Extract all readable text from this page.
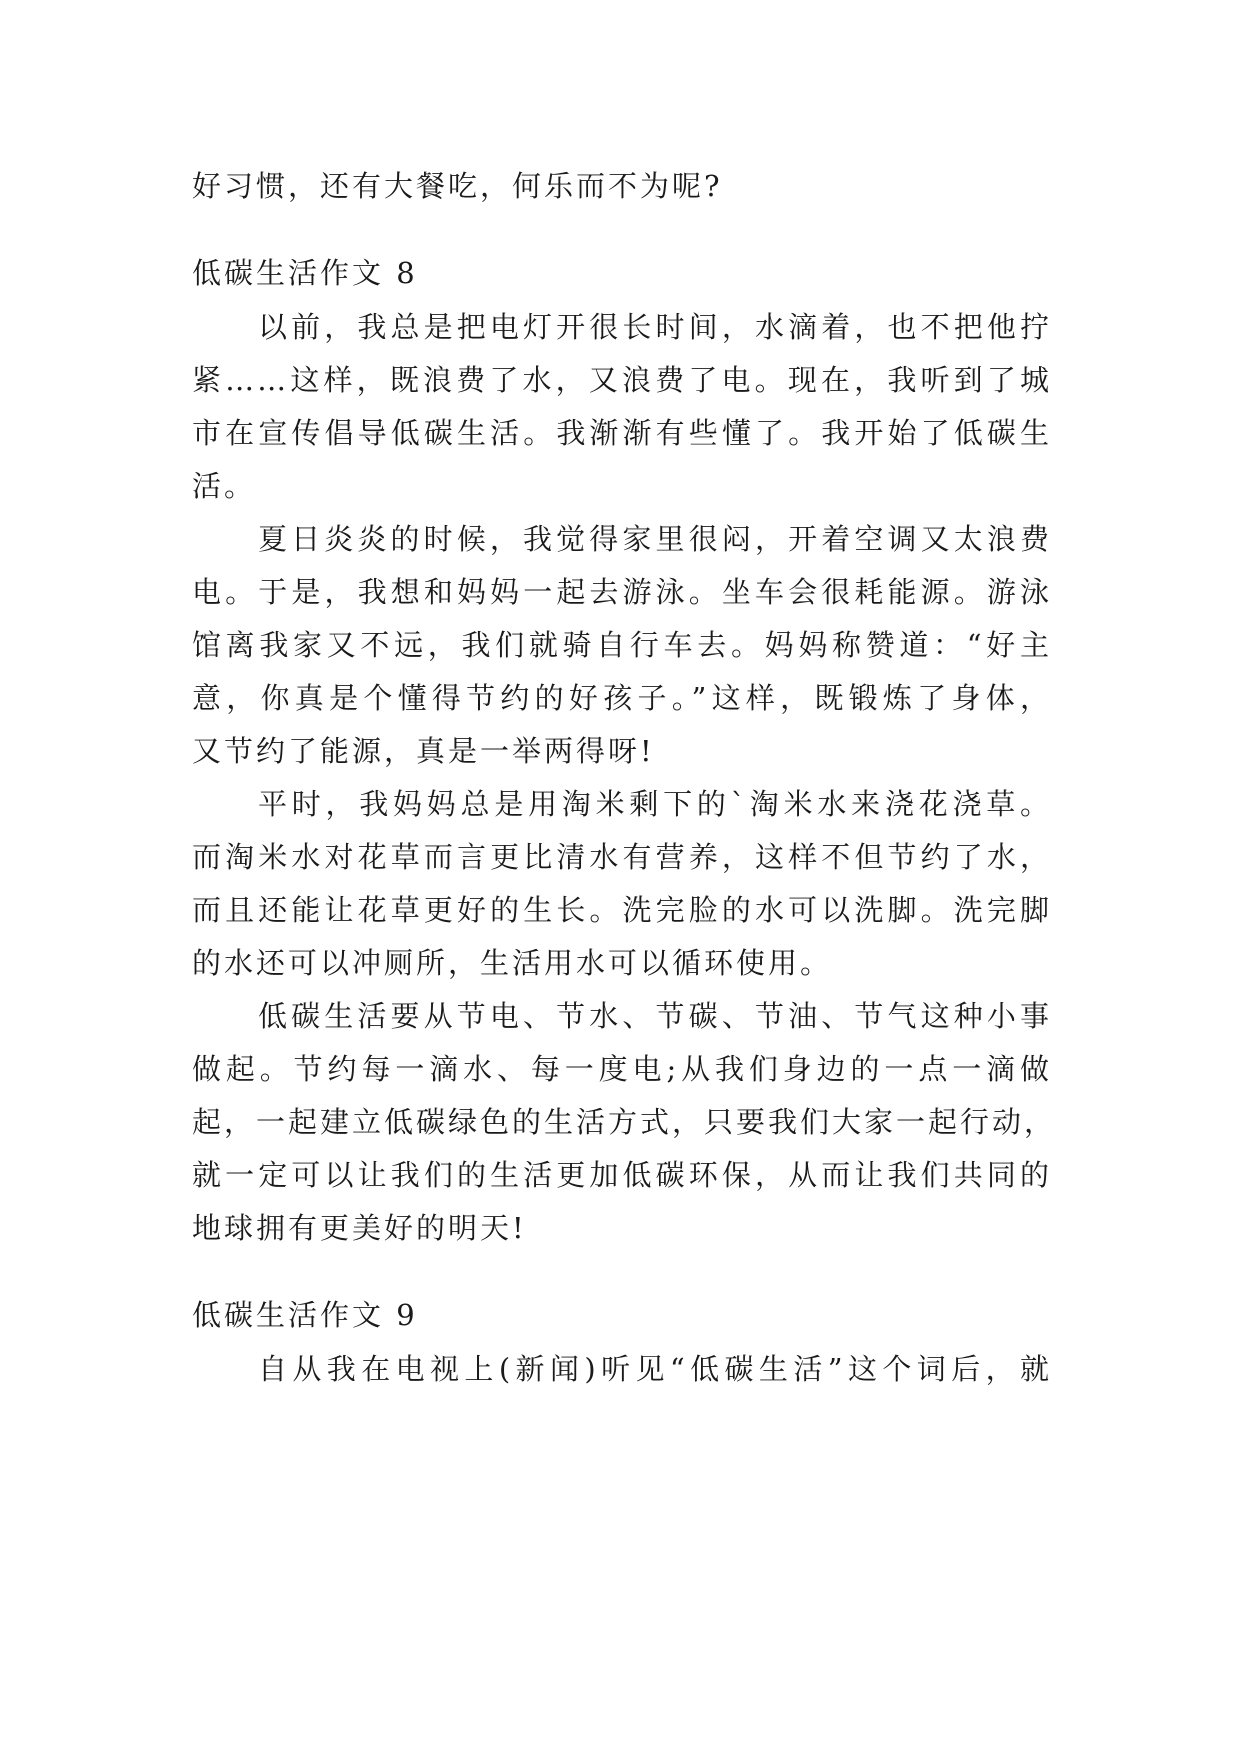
好习惯，还有大餐吃，何乐而不为呢?
低碳生活作文 8
以前，我总是把电灯开很长时间，水滴着，也不把他拧
紧……这样，既浪费了水，又浪费了电。现在，我听到了城
市在宣传倡导低碳生活。我渐渐有些懂了。我开始了低碳生
活。
夏日炎炎的时候，我觉得家里很闷，开着空调又太浪费
电。于是，我想和妈妈一起去游泳。坐车会很耗能源。游泳
馆离我家又不远，我们就骑自行车去。妈妈称赞道：“好主
意，你真是个懂得节约的好孩子。”这样，既锻炼了身体，
又节约了能源，真是一举两得呀!
平时，我妈妈总是用淘米剩下的`淘米水来浇花浇草。
而淘米水对花草而言更比清水有营养，这样不但节约了水，
而且还能让花草更好的生长。洗完脸的水可以洗脚。洗完脚
的水还可以冲厕所，生活用水可以循环使用。
低碳生活要从节电、节水、节碳、节油、节气这种小事
做起。节约每一滴水、每一度电;从我们身边的一点一滴做
起，一起建立低碳绿色的生活方式，只要我们大家一起行动，
就一定可以让我们的生活更加低碳环保，从而让我们共同的
地球拥有更美好的明天!
低碳生活作文 9
自从我在电视上(新闻)听见“低碳生活”这个词后，就
